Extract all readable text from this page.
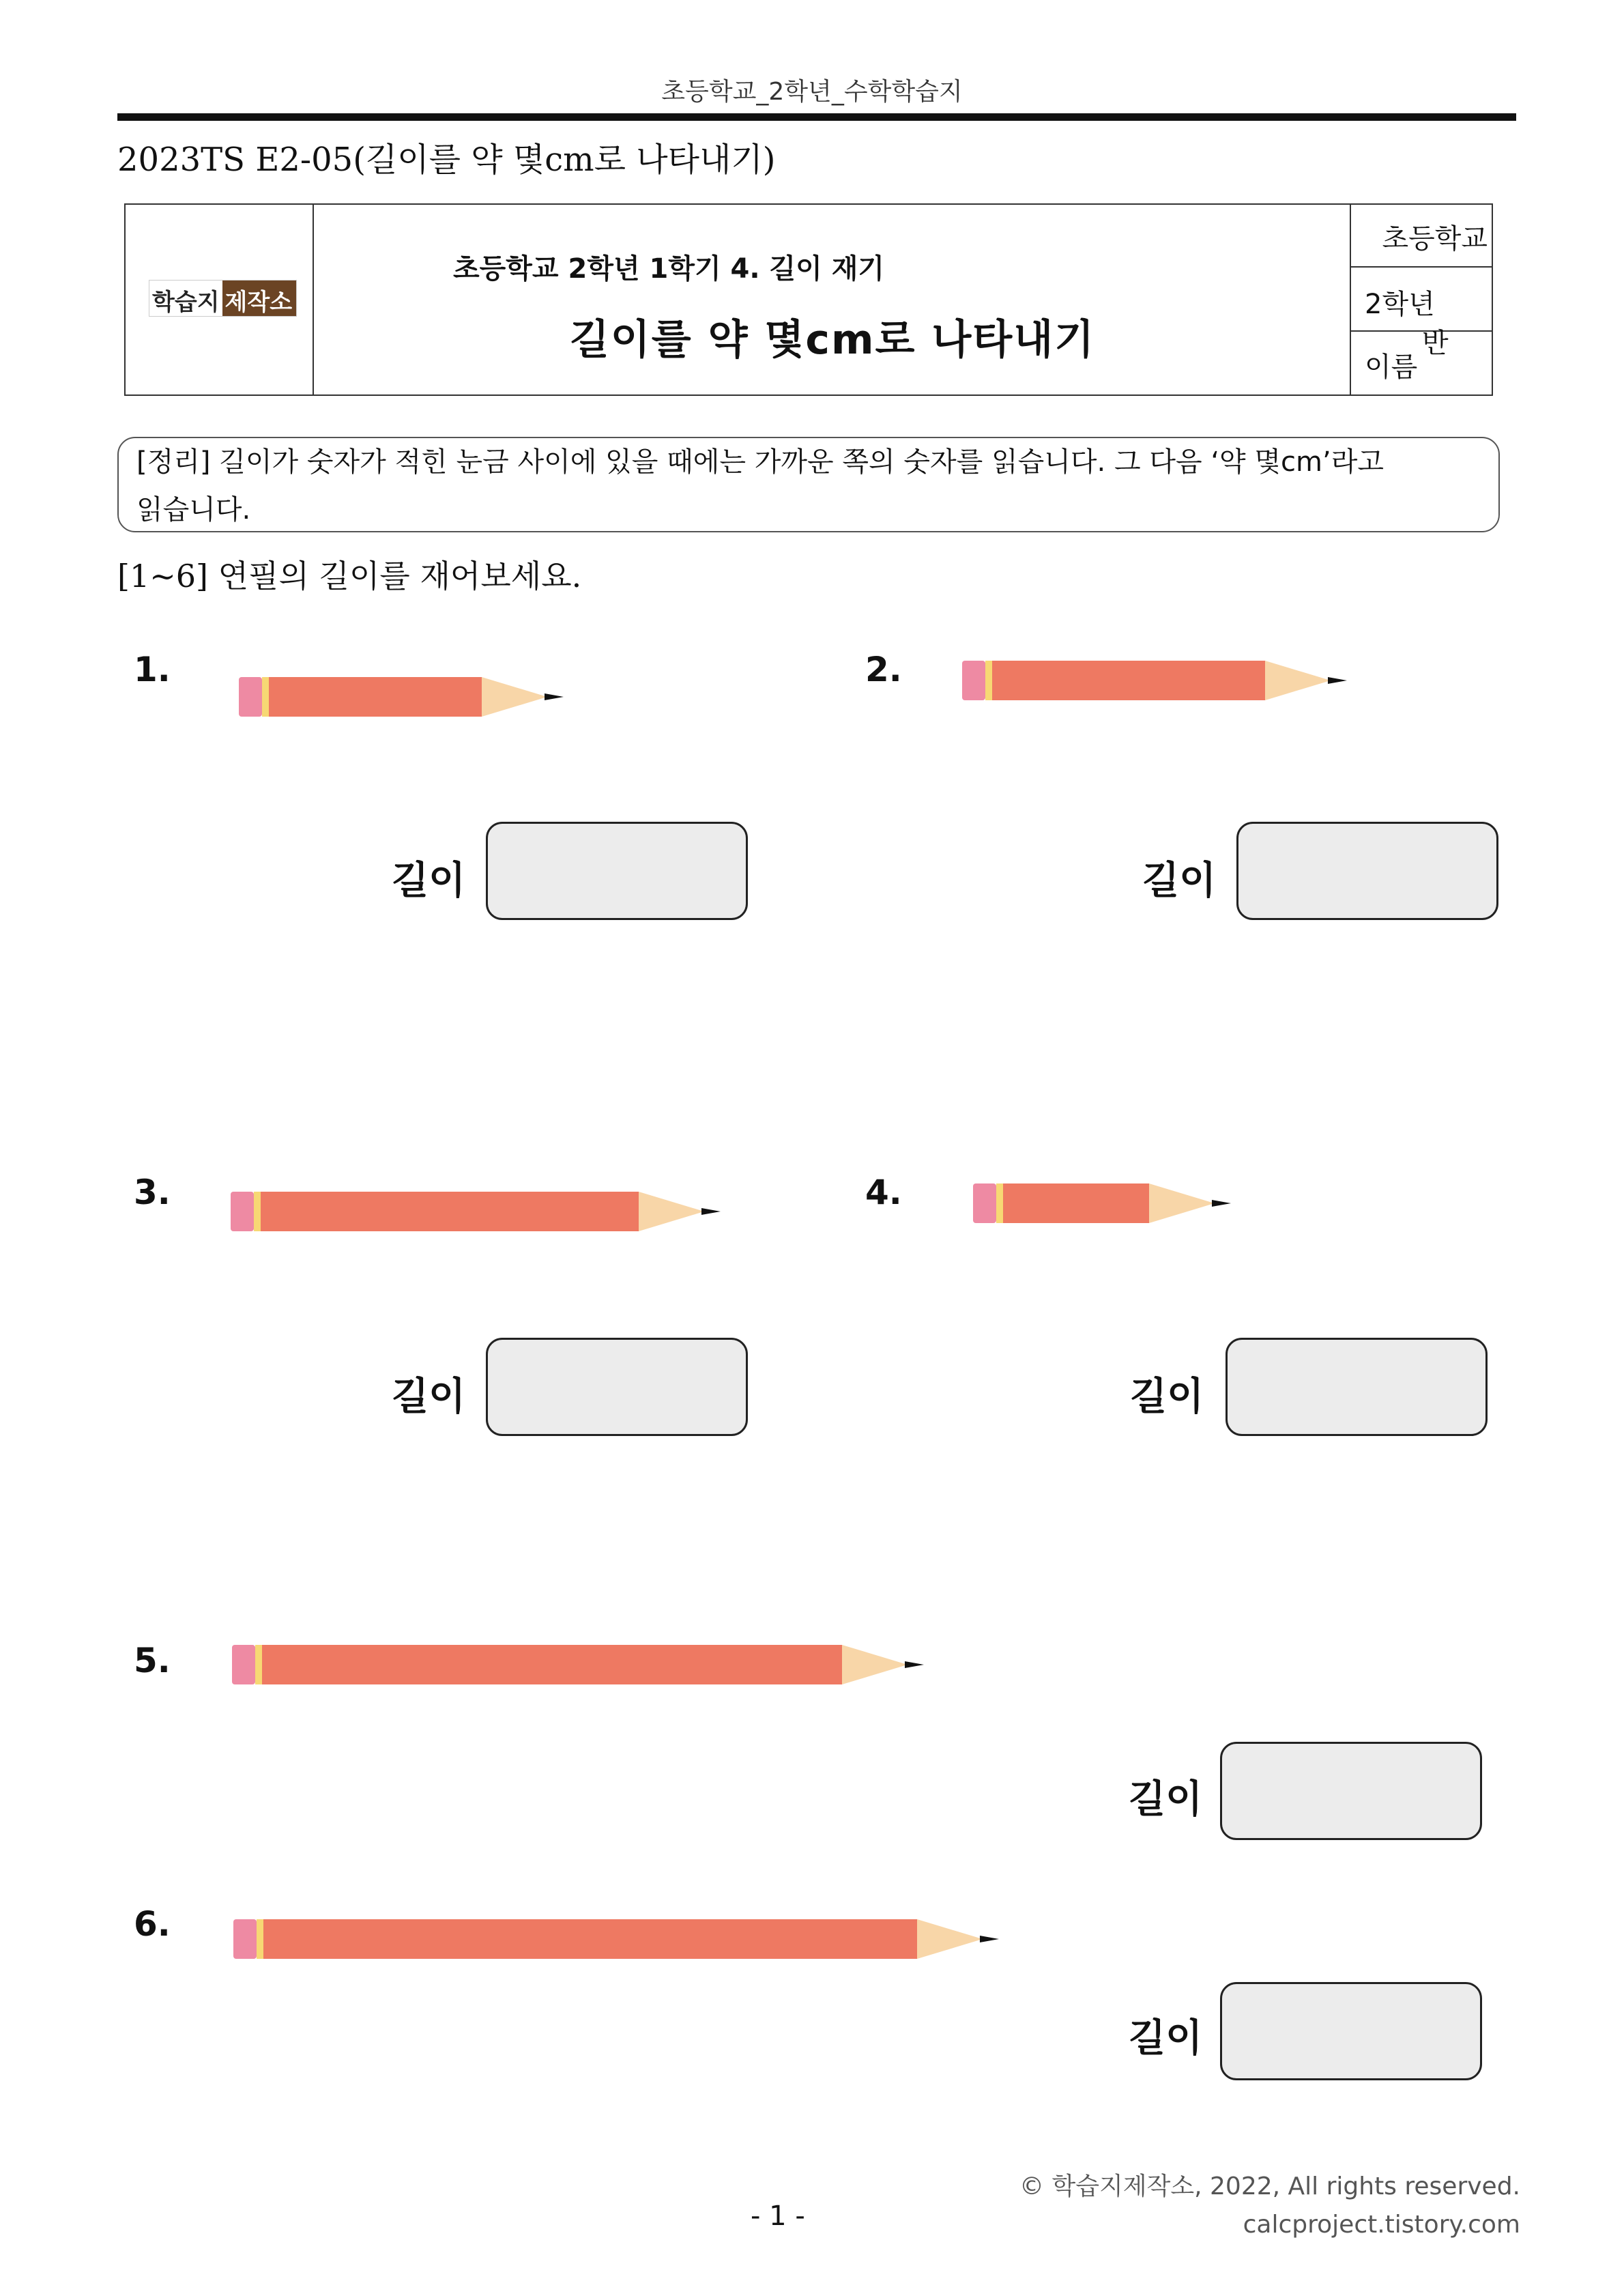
초등학교_2학년_수학학습지
2023TS E2-05(길이를 약 몇cm로 나타내기)
학습지 제작소
초등학교 2학년 1학기 4. 길이 재기
길이를 약 몇cm로 나타내기
초등학교
2학년반
이름
[정리] 길이가 숫자가 적힌 눈금 사이에 있을 때에는 가까운 쪽의 숫자를 읽습니다. 그 다음 ‘약 몇cm’라고 읽습니다.
[1~6] 연필의 길이를 재어보세요.
1.
길이
2.
길이
3.
길이
4.
길이
5.
길이
6.
길이
- 1 -
© 학습지제작소, 2022, All rights reserved.
calcproject.tistory.com
